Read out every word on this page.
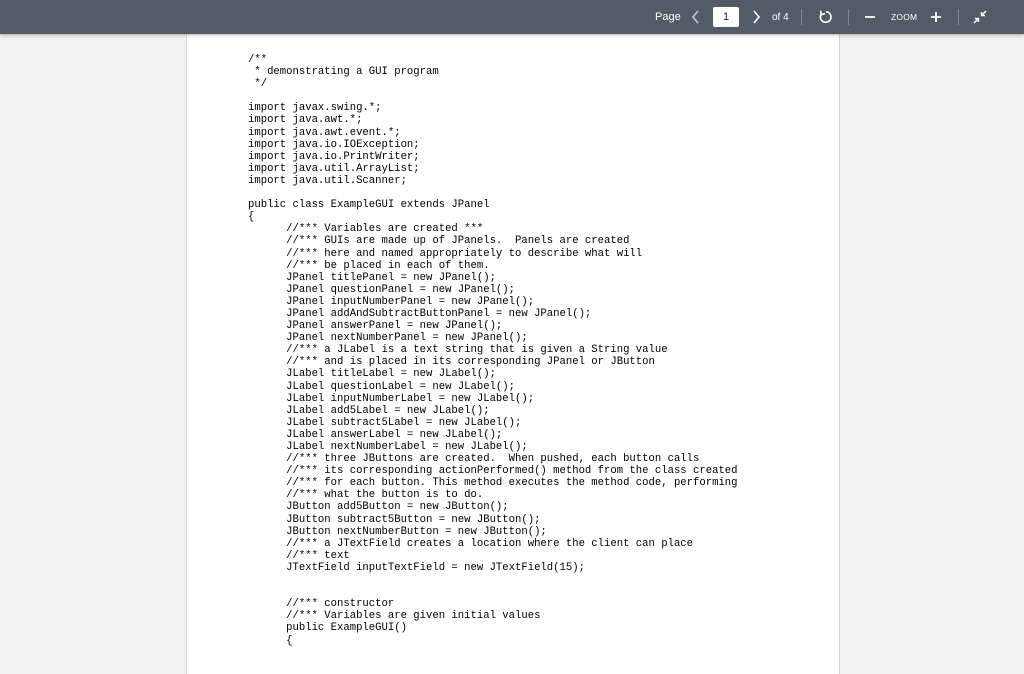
Page
1	of 4	ZOOM
/**
* demonstrating a GUI program
*/

import javax.swing.*;
import java.awt.*;
import java.awt.event.*;
import java.io.IOException;
import java.io.PrintWriter;
import java.util.ArrayList;
import java.util.Scanner;

public class ExampleGUI extends JPanel
{
//*** Variables are created ***
//*** GUIs are made up of JPanels.  Panels are created
//*** here and named appropriately to describe what will
//*** be placed in each of them.
JPanel titlePanel = new JPanel();
JPanel questionPanel = new JPanel();
JPanel inputNumberPanel = new JPanel();
JPanel addAndSubtractButtonPanel = new JPanel();
JPanel answerPanel = new JPanel();
JPanel nextNumberPanel = new JPanel();
//*** a JLabel is a text string that is given a String value
//*** and is placed in its corresponding JPanel or JButton
JLabel titleLabel = new JLabel();
JLabel questionLabel = new JLabel();
JLabel inputNumberLabel = new JLabel();
JLabel add5Label = new JLabel();
JLabel subtract5Label = new JLabel();
JLabel answerLabel = new JLabel();
JLabel nextNumberLabel = new JLabel();
//*** three JButtons are created.  When pushed, each button calls
//*** its corresponding actionPerformed() method from the class created
//*** for each button. This method executes the method code, performing
//*** what the button is to do.
JButton add5Button = new JButton();
JButton subtract5Button = new JButton();
JButton nextNumberButton = new JButton();
//*** a JTextField creates a location where the client can place
//*** text
JTextField inputTextField = new JTextField(15);

//*** constructor
//*** Variables are given initial values
public ExampleGUI()
{
